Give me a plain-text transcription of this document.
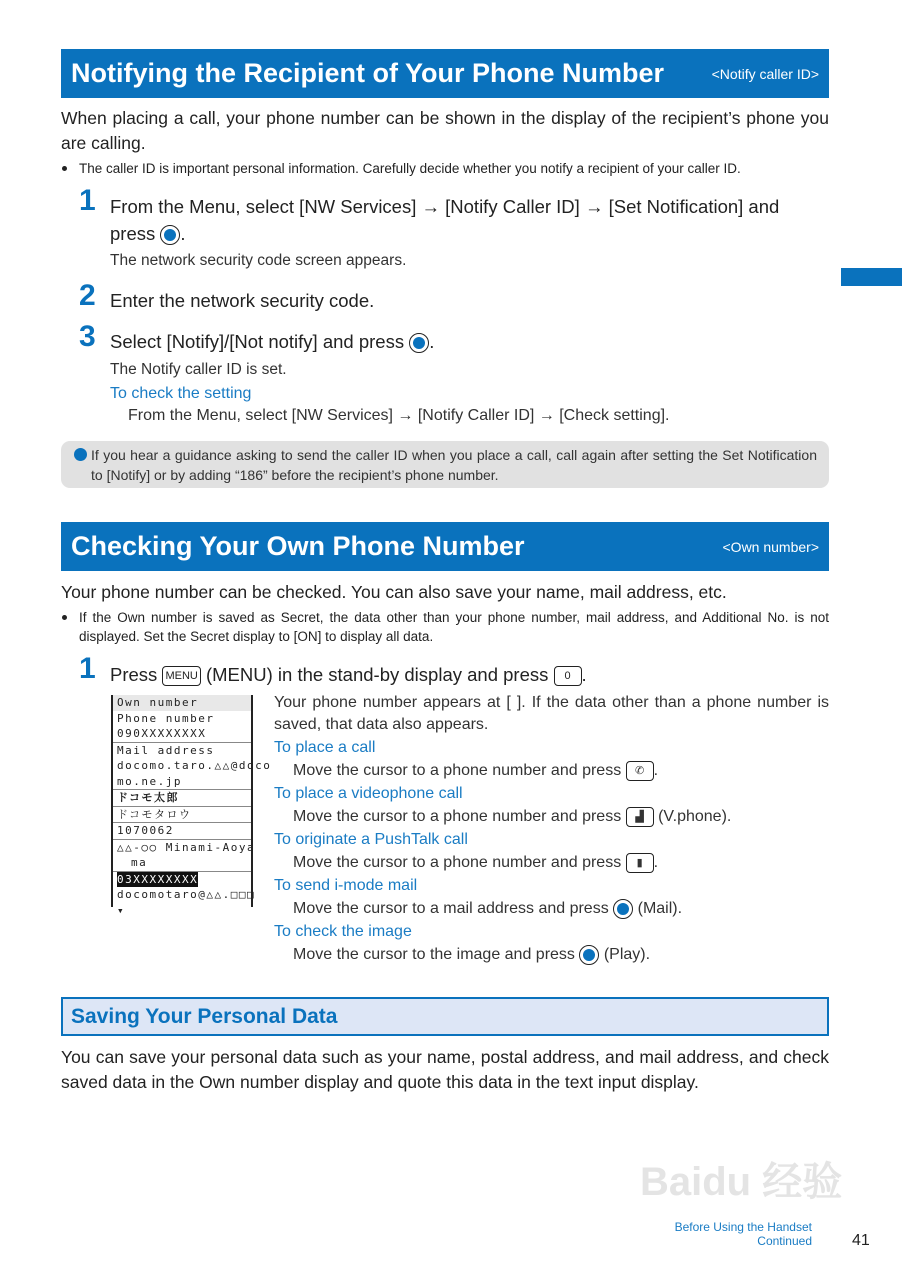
Notifying the Recipient of Your Phone Number	<Notify caller ID>
When placing a call, your phone number can be shown in the display of the recipient’s phone you are calling.
The caller ID is important personal information. Carefully decide whether you notify a recipient of your caller ID.
1 From the Menu, select [NW Services] → [Notify Caller ID] → [Set Notification] and press .
The network security code screen appears.
2 Enter the network security code.
3 Select [Notify]/[Not notify] and press .
The Notify caller ID is set.
To check the setting
From the Menu, select [NW Services] → [Notify Caller ID] → [Check setting].
If you hear a guidance asking to send the caller ID when you place a call, call again after setting the Set Notification to [Notify] or by adding “186” before the recipient’s phone number.
Checking Your Own Phone Number	<Own number>
Your phone number can be checked. You can also save your name, mail address, etc.
If the Own number is saved as Secret, the data other than your phone number, mail address, and Additional No. is not displayed. Set the Secret display to [ON] to display all data.
1 Press MENU (MENU) in the stand-by display and press 0 .
Own number
Phone number
090XXXXXXXX
Mail address
docomo.taro.△△@doco
mo.ne.jp
ドコモ太郎
ドコモタロウ
1070062
△△-○○ Minami-Aoya
ma
03XXXXXXXX
docomotaro@△△.□□□
▾
Your phone number appears at [ ]. If the data other than a phone number is saved, that data also appears.
To place a call
Move the cursor to a phone number and press ✆ .
To place a videophone call
Move the cursor to a phone number and press ▟ (V.phone).
To originate a PushTalk call
Move the cursor to a phone number and press ▮ .
To send i-mode mail
Move the cursor to a mail address and press (Mail).
To check the image
Move the cursor to the image and press (Play).
Saving Your Personal Data
You can save your personal data such as your name, postal address, and mail address, and check saved data in the Own number display and quote this data in the text input display.
Baidu 经验
Before Using the Handset
Continued	41
